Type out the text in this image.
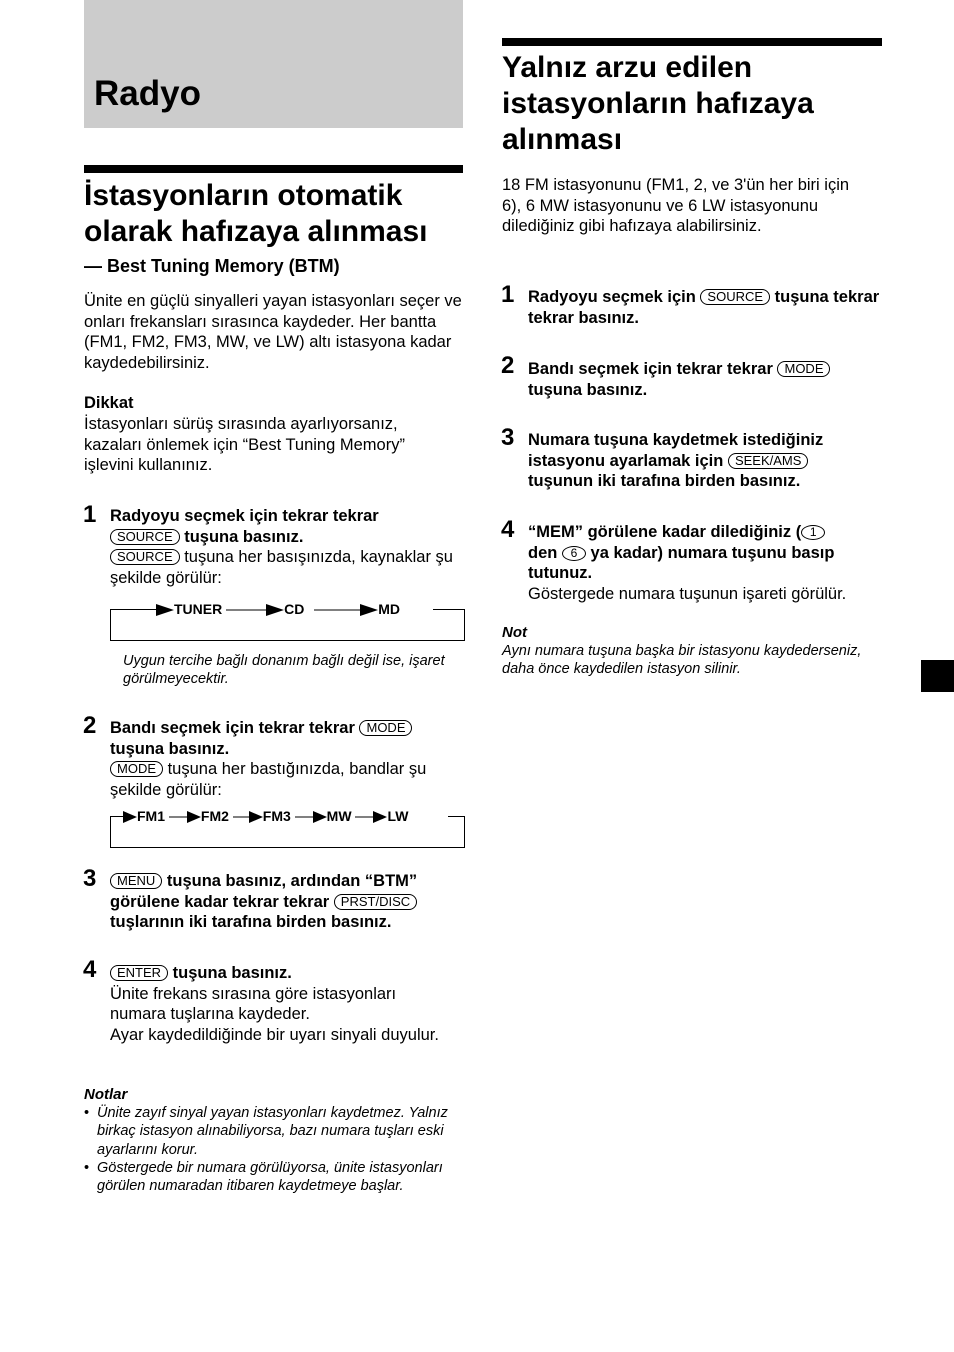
Radyo
İstasyonların otomatik olarak hafızaya alınması
— Best Tuning Memory (BTM)
Ünite en güçlü sinyalleri yayan istasyonları seçer ve onları frekansları sırasınca kaydeder. Her bantta (FM1, FM2, FM3, MW, ve LW) altı istasyona kadar kaydedebilirsiniz.
Dikkat
İstasyonları sürüş sırasında ayarlıyorsanız, kazaları önlemek için “Best Tuning Memory” işlevini kullanınız.
1 Radyoyu seçmek için tekrar tekrar
SOURCE tuşuna basınız.
SOURCE tuşuna her basışınızda, kaynaklar şu şekilde görülür:
TUNER	CD	MD
Uygun tercihe bağlı donanım bağlı değil ise, işaret görülmeyecektir.
2 Bandı seçmek için tekrar tekrar MODE
tuşuna basınız.
MODE tuşuna her bastığınızda, bandlar şu şekilde görülür:
FM1	FM2 FM3	MW	LW
3	MENU tuşuna basınız, ardından “BTM” görülene kadar tekrar tekrar PRST/DISC tuşlarının iki tarafına birden basınız.
4	ENTER tuşuna basınız.
Ünite frekans sırasına göre istasyonları numara tuşlarına kaydeder.
Ayar kaydedildiğinde bir uyarı sinyali duyulur.
Notlar
• Ünite zayıf sinyal yayan istasyonları kaydetmez. Yalnız birkaç istasyon alınabiliyorsa, bazı numara tuşları eski ayarlarını korur.
• Göstergede bir numara görülüyorsa, ünite istasyonları görülen numaradan itibaren kaydetmeye başlar.
Yalnız arzu edilen istasyonların hafızaya alınması
18 FM istasyonunu (FM1, 2, ve 3'ün her biri için 6), 6 MW istasyonunu ve 6 LW istasyonunu dilediğiniz gibi hafızaya alabilirsiniz.
1 Radyoyu seçmek için SOURCE tuşuna tekrar tekrar basınız.
2 Bandı seçmek için tekrar tekrar MODE tuşuna basınız.
3 Numara tuşuna kaydetmek istediğiniz istasyonu ayarlamak için SEEK/AMS tuşunun iki tarafına birden basınız.
4 “MEM” görülene kadar dilediğiniz ( 1
den 6 ya kadar) numara tuşunu basıp tutunuz.
Göstergede numara tuşunun işareti görülür.
Not
Aynı numara tuşuna başka bir istasyonu kaydederseniz, daha önce kaydedilen istasyon silinir.
